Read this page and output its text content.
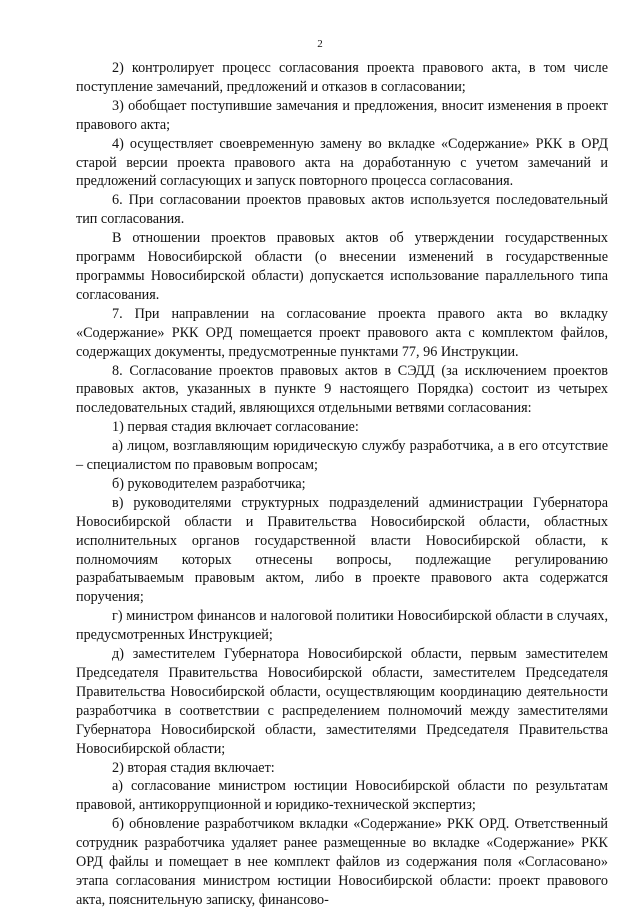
2

2) контролирует процесс согласования проекта правового акта, в том числе поступление замечаний, предложений и отказов в согласовании;

3) обобщает поступившие замечания и предложения, вносит изменения в проект правового акта;

4) осуществляет своевременную замену во вкладке «Содержание» РКК в ОРД старой версии проекта правового акта на доработанную с учетом замечаний и предложений согласующих и запуск повторного процесса согласования.

6. При согласовании проектов правовых актов используется последовательный тип согласования.

В отношении проектов правовых актов об утверждении государственных программ Новосибирской области (о внесении изменений в государственные программы Новосибирской области) допускается использование параллельного типа согласования.

7. При направлении на согласование проекта правого акта во вкладку «Содержание» РКК ОРД помещается проект правового акта с комплектом файлов, содержащих документы, предусмотренные пунктами 77, 96 Инструкции.

8. Согласование проектов правовых актов в СЭДД (за исключением проектов правовых актов, указанных в пункте 9 настоящего Порядка) состоит из четырех последовательных стадий, являющихся отдельными ветвями согласования:

1) первая стадия включает согласование:

а) лицом, возглавляющим юридическую службу разработчика, а в его отсутствие – специалистом по правовым вопросам;

б) руководителем разработчика;

в) руководителями структурных подразделений администрации Губернатора Новосибирской области и Правительства Новосибирской области, областных исполнительных органов государственной власти Новосибирской области, к полномочиям которых отнесены вопросы, подлежащие регулированию разрабатываемым правовым актом, либо в проекте правового акта содержатся поручения;

г) министром финансов и налоговой политики Новосибирской области в случаях, предусмотренных Инструкцией;

д) заместителем Губернатора Новосибирской области, первым заместителем Председателя Правительства Новосибирской области, заместителем Председателя Правительства Новосибирской области, осуществляющим координацию деятельности разработчика в соответствии с распределением полномочий между заместителями Губернатора Новосибирской области, заместителями Председателя Правительства Новосибирской области;

2) вторая стадия включает:

а) согласование министром юстиции Новосибирской области по результатам правовой, антикоррупционной и юридико-технической экспертиз;

б) обновление разработчиком вкладки «Содержание» РКК ОРД. Ответственный сотрудник разработчика удаляет ранее размещенные во вкладке «Содержание» РКК ОРД файлы и помещает в нее комплект файлов из содержания поля «Согласовано» этапа согласования министром юстиции Новосибирской области: проект правового акта, пояснительную записку, финансово-
